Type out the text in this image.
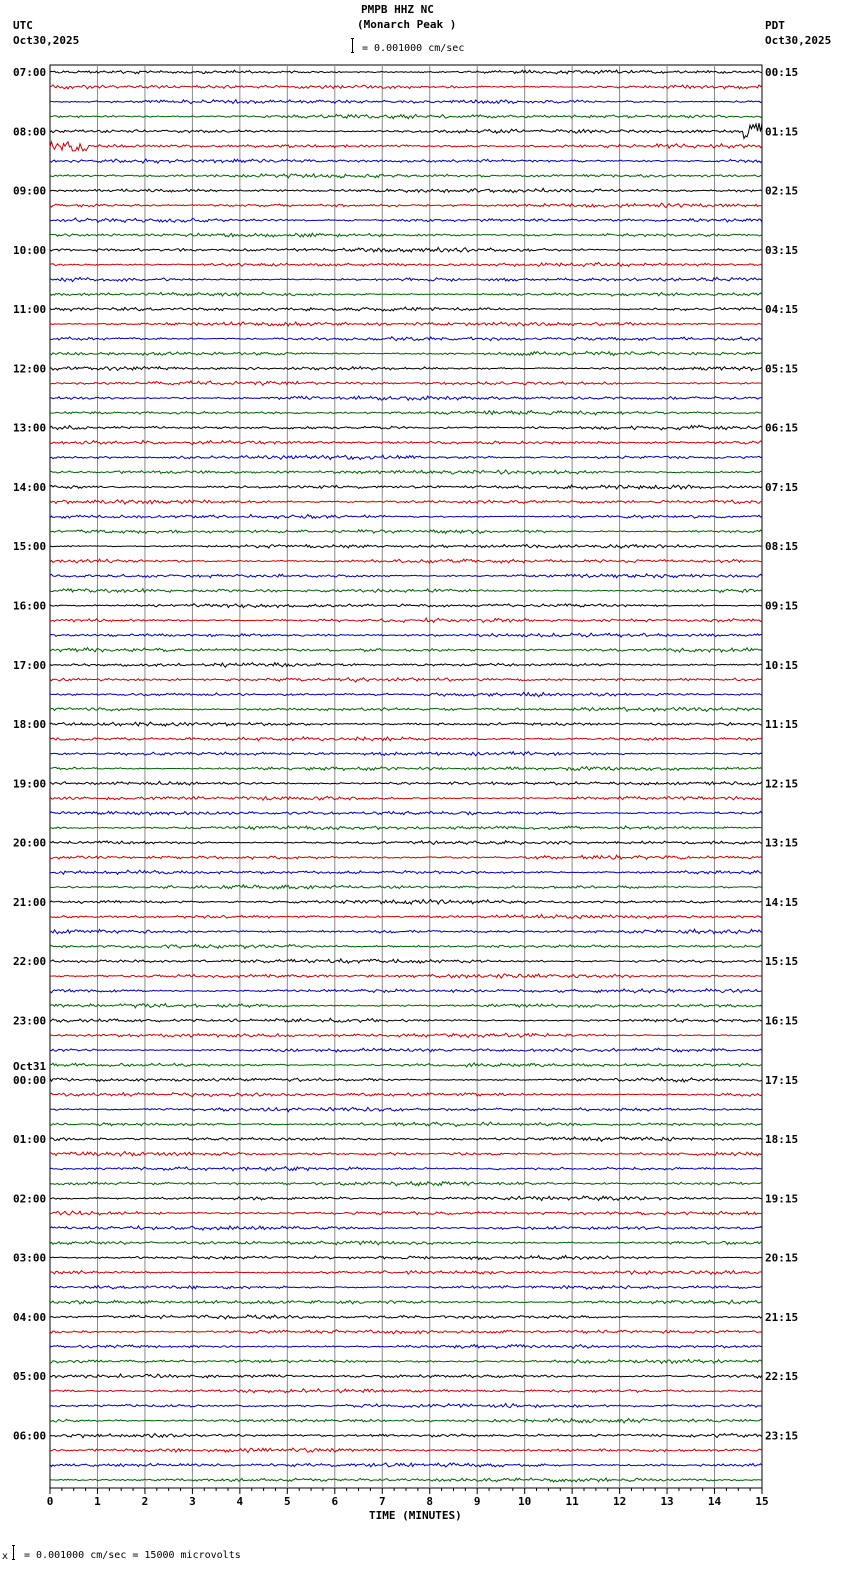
PMPB HHZ NC
(Monarch Peak )
= 0.001000 cm/sec
UTC
Oct30,2025
PDT
Oct30,2025
07:00	00:15
08:00	01:15
09:00	02:15
10:00	03:15
11:00	04:15
12:00	05:15
13:00	06:15
14:00	07:15
15:00	08:15
16:00	09:15
17:00	10:15
18:00	11:15
19:00	12:15
20:00	13:15
21:00	14:15
22:00	15:15
23:00	16:15
00:00	17:15
Oct31
01:00	18:15
02:00	19:15
03:00	20:15
04:00	21:15
05:00	22:15
06:00	23:15
0	1	2	3	4	5	6	7	8	9	10	11	12	13	14	15
TIME (MINUTES)
x = 0.001000 cm/sec = 15000 microvolts
